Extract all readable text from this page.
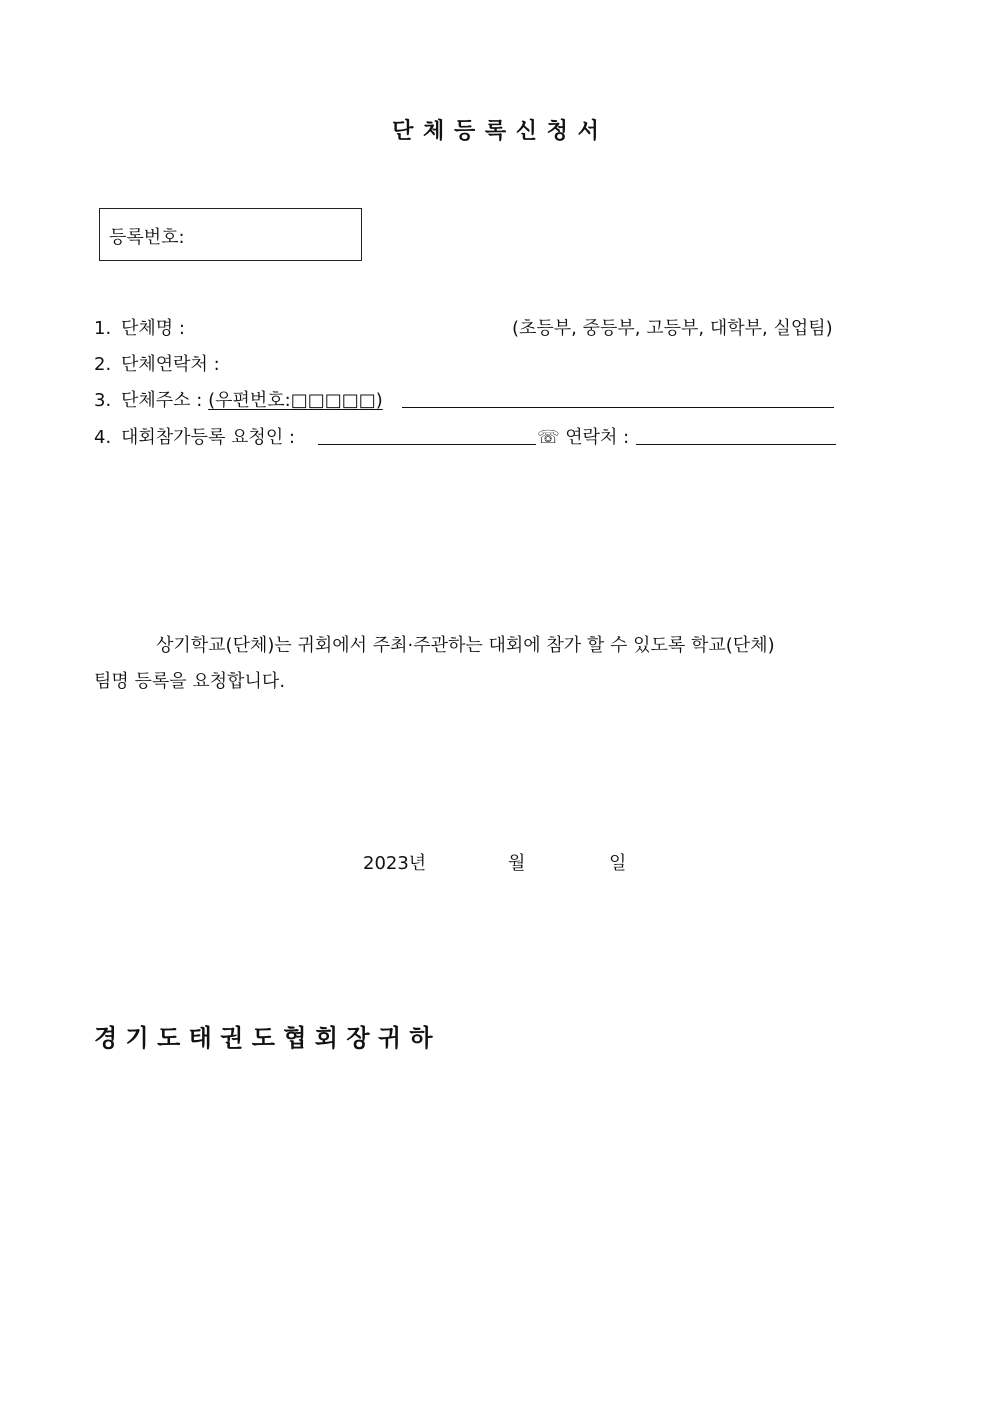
단 체 등 록 신 청 서
등록번호:
1. 단체명 :	(초등부, 중등부, 고등부, 대학부, 실업팀)
2. 단체연락처 :
3. 단체주소 : (우편번호:□□□□□)
4. 대회참가등록 요청인 :	☏ 연락처 :
상기학교(단체)는 귀회에서 주최·주관하는 대회에 참가 할 수 있도록 학교(단체)
팀명 등록을 요청합니다.
2023년	월	일
경 기 도 태 권 도 협 회 장 귀 하
